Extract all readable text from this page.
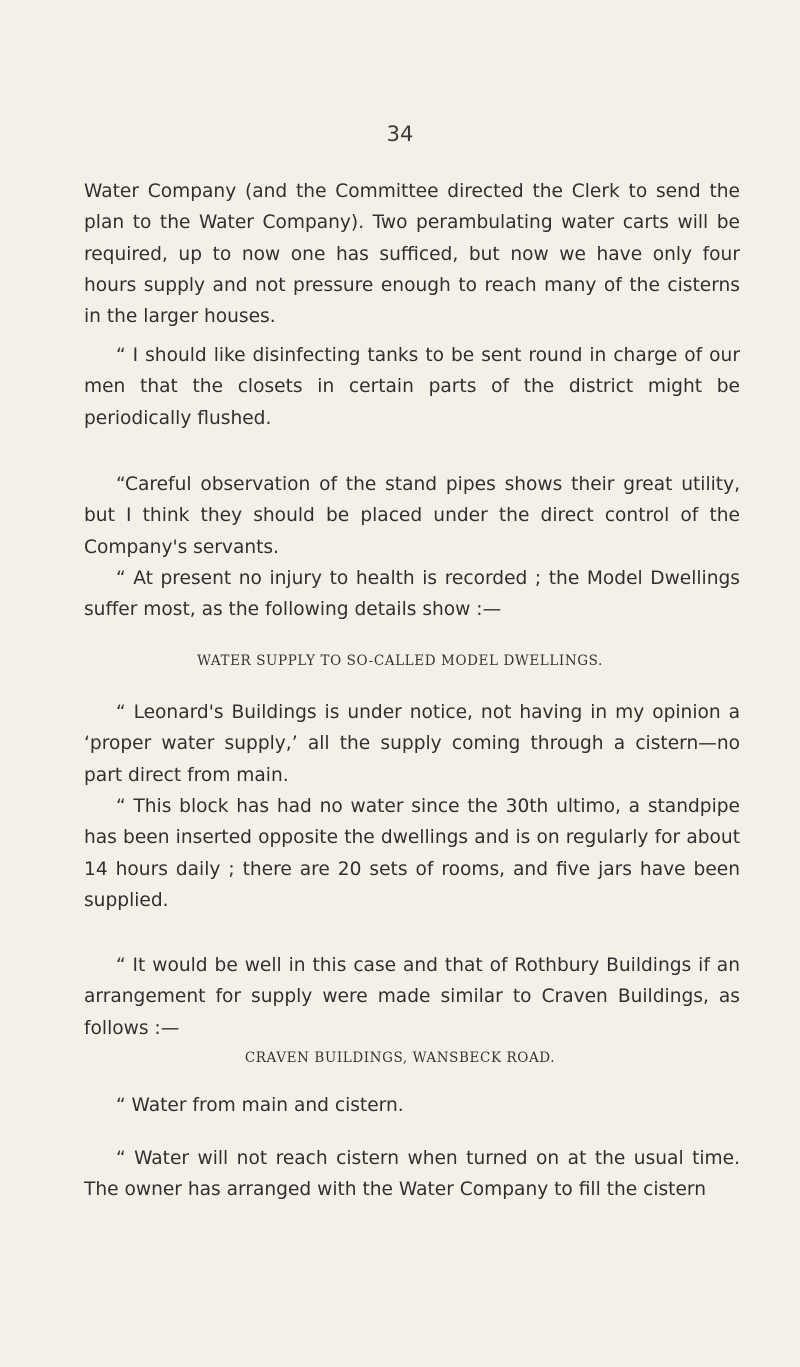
34

Water Company (and the Committee directed the Clerk to send the plan to the Water Company). Two perambulating water carts will be required, up to now one has sufficed, but now we have only four hours supply and not pressure enough to reach many of the cisterns in the larger houses.

“ I should like disinfecting tanks to be sent round in charge of our men that the closets in certain parts of the district might be periodically flushed.

“Careful observation of the stand pipes shows their great utility, but I think they should be placed under the direct control of the Company's servants.

“ At present no injury to health is recorded ; the Model Dwellings suffer most, as the following details show :—

WATER SUPPLY TO SO-CALLED MODEL DWELLINGS.

“ Leonard's Buildings is under notice, not having in my opinion a ‘proper water supply,’ all the supply coming through a cistern—no part direct from main.

“ This block has had no water since the 30th ultimo, a standpipe has been inserted opposite the dwellings and is on regularly for about 14 hours daily ; there are 20 sets of rooms, and five jars have been supplied.

“ It would be well in this case and that of Rothbury Buildings if an arrangement for supply were made similar to Craven Buildings, as follows :—

CRAVEN BUILDINGS, WANSBECK ROAD.

“ Water from main and cistern.

“ Water will not reach cistern when turned on at the usual time. The owner has arranged with the Water Company to fill the cistern
